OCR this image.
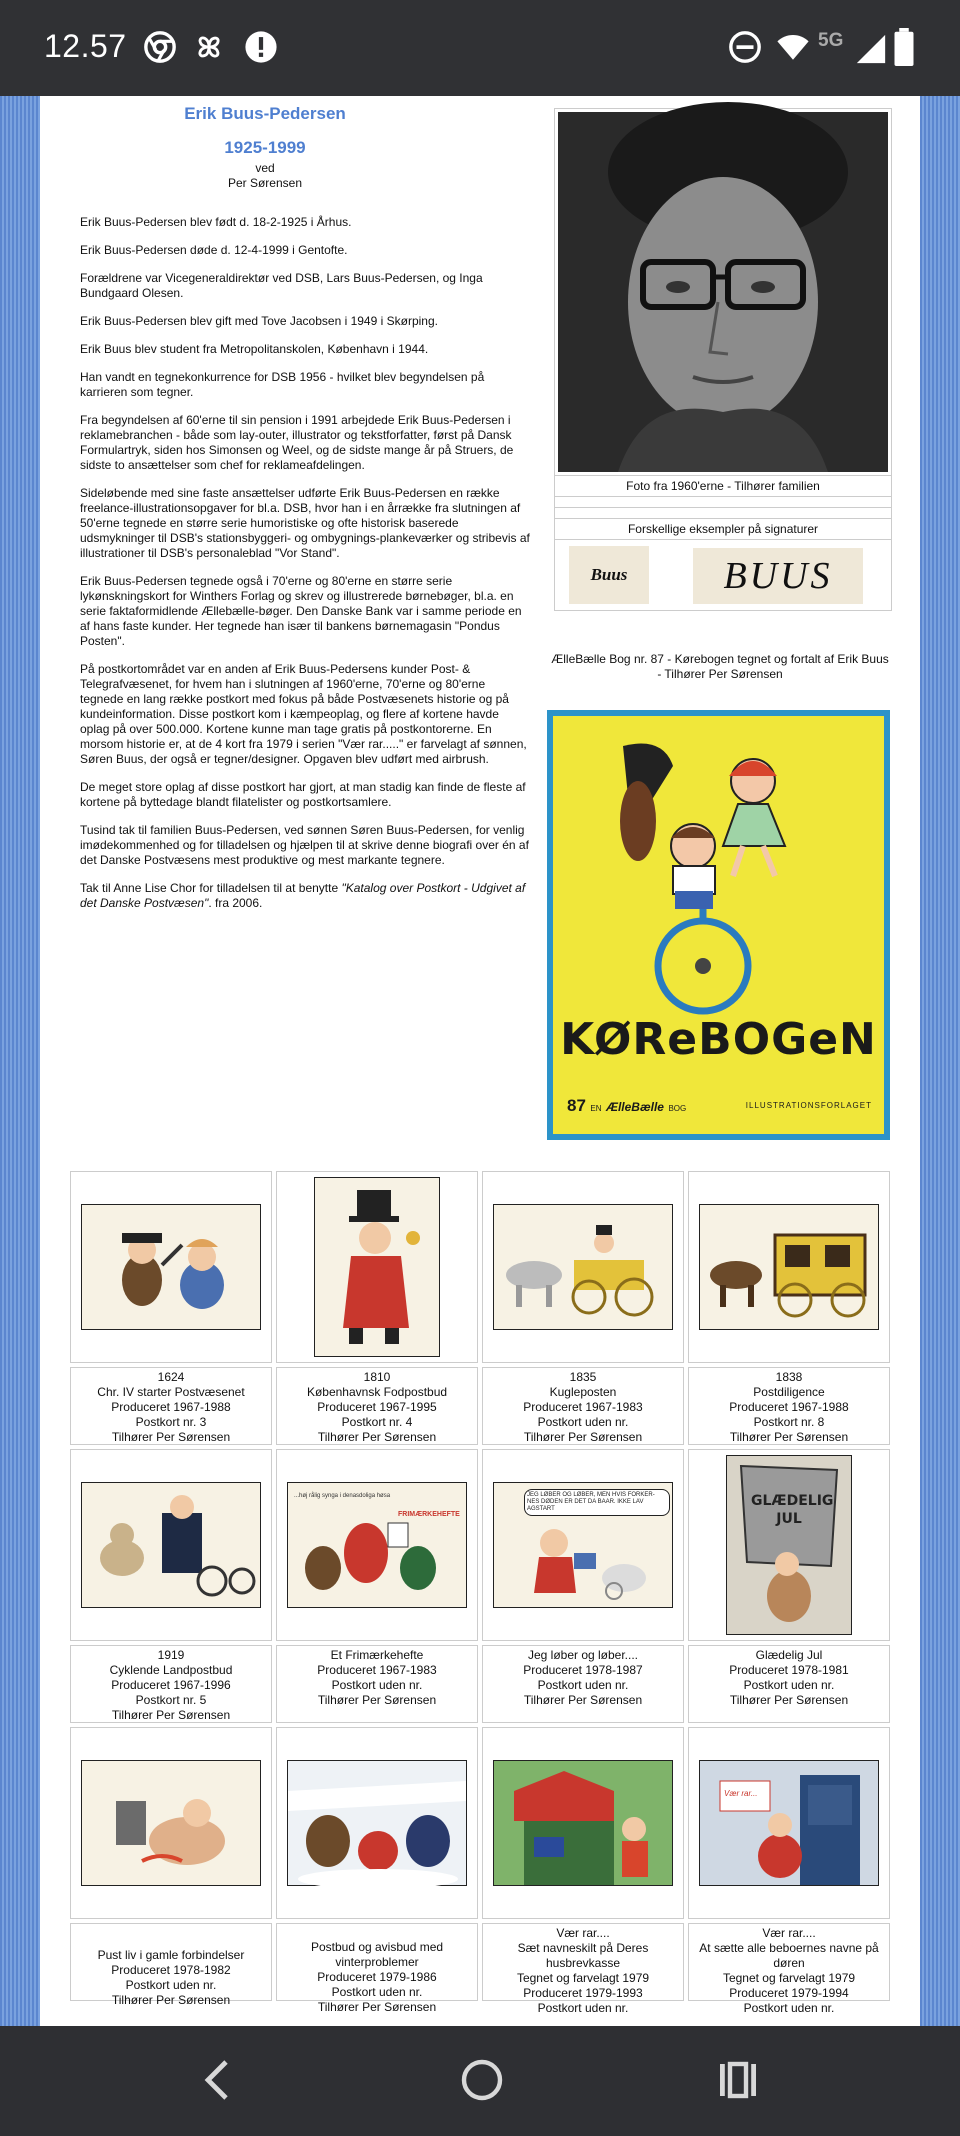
12.57	5G
Erik Buus-Pedersen
1925-1999
ved
Per Sørensen

Erik Buus-Pedersen blev født d. 18-2-1925 i Århus.

Erik Buus-Pedersen døde d. 12-4-1999 i Gentofte.

Forældrene var Vicegeneraldirektør ved DSB, Lars Buus-Pedersen, og Inga Bundgaard Olesen.

Erik Buus-Pedersen blev gift med Tove Jacobsen i 1949 i Skørping.

Erik Buus blev student fra Metropolitanskolen, København i 1944.

Han vandt en tegnekonkurrence for DSB 1956 - hvilket blev begyndelsen på karrieren som tegner.

Fra begyndelsen af 60'erne til sin pension i 1991 arbejdede Erik Buus-Pedersen i reklamebranchen - både som lay-outer, illustrator og tekstforfatter, først på Dansk Formulartryk, siden hos Simonsen og Weel, og de sidste mange år på Struers, de sidste to ansættelser som chef for reklameafdelingen.

Sideløbende med sine faste ansættelser udførte Erik Buus-Pedersen en række freelance-illustrationsopgaver for bl.a. DSB, hvor han i en årrække fra slutningen af 50'erne tegnede en større serie humoristiske og ofte historisk baserede udsmykninger til DSB's stationsbyggeri- og ombygnings-plankeværker og stribevis af illustrationer til DSB's personaleblad "Vor Stand".

Erik Buus-Pedersen tegnede også i 70'erne og 80'erne en større serie lykønskningskort for Winthers Forlag og skrev og illustrerede børnebøger, bl.a. en serie faktaformidlende Ællebælle-bøger. Den Danske Bank var i samme periode en af hans faste kunder. Her tegnede han især til bankens børnemagasin "Pondus Posten".

På postkortområdet var en anden af Erik Buus-Pedersens kunder Post- & Telegrafvæsenet, for hvem han i slutningen af 1960'erne, 70'erne og 80'erne tegnede en lang række postkort med fokus på både Postvæsenets historie og på kundeinformation. Disse postkort kom i kæmpeoplag, og flere af kortene havde oplag på over 500.000. Kortene kunne man tage gratis på postkontorerne. En morsom historie er, at de 4 kort fra 1979 i serien "Vær rar....." er farvelagt af sønnen, Søren Buus, der også er tegner/designer. Opgaven blev udført med airbrush.

De meget store oplag af disse postkort har gjort, at man stadig kan finde de fleste af kortene på byttedage blandt filatelister og postkortsamlere.

Tusind tak til familien Buus-Pedersen, ved sønnen Søren Buus-Pedersen, for venlig imødekommenhed og for tilladelsen og hjælpen til at skrive denne biografi over én af det Danske Postvæsens mest produktive og mest markante tegnere.

Tak til Anne Lise Chor for tilladelsen til at benytte "Katalog over Postkort - Udgivet af det Danske Postvæsen". fra 2006.

Foto fra 1960'erne - Tilhører familien
Forskellige eksempler på signaturer
Buus	BUUS
ÆlleBælle Bog nr. 87 - Kørebogen tegnet og fortalt af Erik Buus - Tilhører Per Sørensen
KØReBOGeN
87 EN ÆlleBælle BOG	ILLUSTRATIONSFORLAGET
1624
Chr. IV starter Postvæsenet
Produceret 1967-1988
Postkort nr. 3
Tilhører Per Sørensen
1810
Københavnsk Fodpostbud
Produceret 1967-1995
Postkort nr. 4
Tilhører Per Sørensen
1835
Kugleposten
Produceret 1967-1983
Postkort uden nr.
Tilhører Per Sørensen
1838
Postdiligence
Produceret 1967-1988
Postkort nr. 8
Tilhører Per Sørensen
...høj rålig synga i denasdoliga høsa
FRIMÆRKEHEFTE
JEG LØBER OG LØBER, MEN HVIS FORKER-NES DØDEN ER DET DA BAAR. IKKE LAV AGSTART	GLÆDELIG JUL
1919
Cyklende Landpostbud
Produceret 1967-1996
Postkort nr. 5
Tilhører Per Sørensen
Et Frimærkehefte
Produceret 1967-1983
Postkort uden nr.
Tilhører Per Sørensen
Jeg løber og løber....
Produceret 1978-1987
Postkort uden nr.
Tilhører Per Sørensen
Glædelig Jul
Produceret 1978-1981
Postkort uden nr.
Tilhører Per Sørensen
Vær rar...
Pust liv i gamle forbindelser
Produceret 1978-1982
Postkort uden nr.
Tilhører Per Sørensen
Postbud og avisbud med vinterproblemer
Produceret 1979-1986
Postkort uden nr.
Tilhører Per Sørensen
Vær rar....
Sæt navneskilt på Deres husbrevkasse
Tegnet og farvelagt 1979
Produceret 1979-1993
Postkort uden nr.
Vær rar....
At sætte alle beboernes navne på døren
Tegnet og farvelagt 1979
Produceret 1979-1994
Postkort uden nr.
